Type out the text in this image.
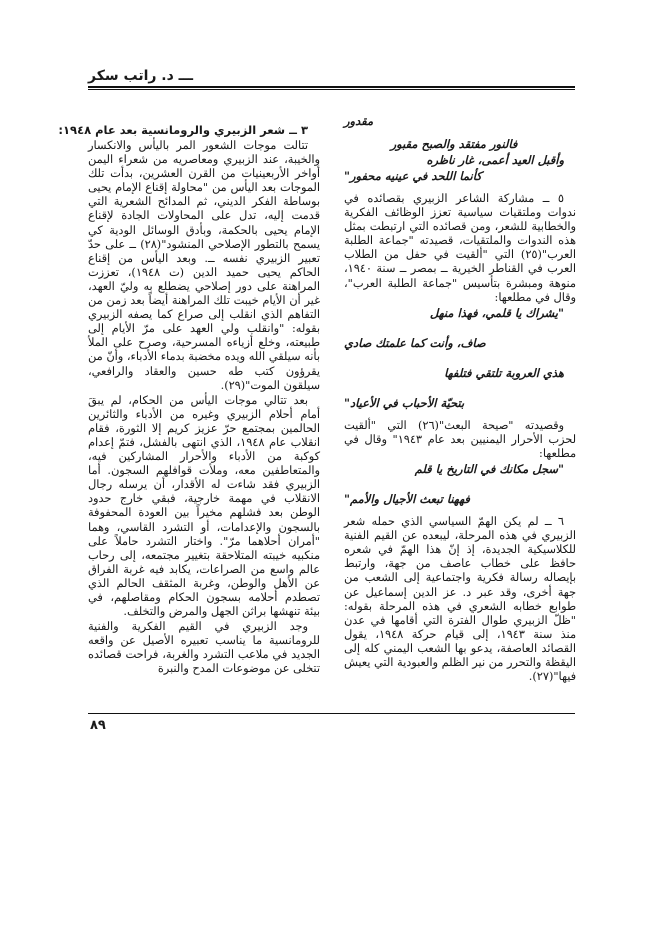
ـــ د. راتب سكر

مقدور

فالنور مفتقد والصبح مقبور

وأقبل العيد أعمى، غار ناظره

كأنما اللحد في عينيه محفور"

٥ ــ مشاركة الشاعر الزبيري بقصائده في ندوات وملتقيات سياسية تعزز الوظائف الفكرية والخطابية للشعر، ومن قصائده التي ارتبطت بمثل هذه الندوات والملتقيات، قصيدته "جماعة الطلبة العرب"(٢٥) التي "ألقيت في حفل من الطلاب العرب في القناطر الخيرية ــ بمصر ــ سنة ١٩٤٠، منوهة ومبشرة بتأسيس "جماعة الطلبة العرب"، وقال في مطلعها:

"يشراك يا قلمي، فهذا منهل

صاف، وأنت كما علمتك صادي

هذي العروبة تلتقي فتلفها

بتحيّة الأحباب في الأعياد"

وقصيدته "صيحة البعث"(٢٦) التي "ألقيت لحزب الأحرار اليمنيين بعد عام ١٩٤٣" وقال في مطلعها:

"سجل مكانك في التاريخ يا قلم

فههنا تبعث الأجيال والأمم"

٦ ــ لم يكن الهمّ السياسي الذي حمله شعر الزبيري في هذه المرحلة، ليبعده عن القيم الفنية للكلاسيكية الجديدة، إذ إنّ هذا الهمّ في شعره حافظ على خطاب عاصف من جهة، وارتبط بإيصاله رسالة فكرية واجتماعية إلى الشعب من جهة أخرى، وقد عبر د. عز الدين إسماعيل عن طوابع خطابه الشعري في هذه المرحلة بقوله: "ظلّ الزبيري طوال الفترة التي أقامها في عدن منذ سنة ١٩٤٣، إلى قيام حركة ١٩٤٨، يقول القصائد العاصفة، يدعو بها الشعب اليمني كله إلى اليقظة والتحرر من نير الظلم والعبودية التي يعيش فيها"(٢٧).

٣ ــ شعر الزبيري والرومانسية بعد عام ١٩٤٨:

تتالت موجات الشعور المر باليأس والانكسار والخيبة، عند الزبيري ومعاصريه من شعراء اليمن أواخر الأربعينيات من القرن العشرين، بدأت تلك الموجات بعد اليأس من "محاولة إقناع الإمام يحيى بوساطة الفكر الديني، ثم المدائح الشعرية التي قدمت إليه، تدل على المحاولات الجادة لإقناع الإمام يحيى بالحكمة، وبأدق الوسائل الودية كي يسمح بالتطور الإصلاحي المنشود"(٢٨) ــ على حدّ تعبير الزبيري نفسه ــ. وبعد اليأس من إقناع الحاكم يحيى حميد الدين (ت ١٩٤٨)، تعززت المراهنة على دور إصلاحي يضطلع به وليّ العهد، غير أن الأيام خيبت تلك المراهنة أيضاً بعد زمن من التفاهم الذي انقلب إلى صراع كما يصفه الزبيري بقوله: "وانقلب ولي العهد على مرّ الأيام إلى طبيعته، وخلع أزياءه المسرحية، وصرح على الملأ بأنه سيلقي الله ويده مخضبة بدماء الأدباء، وأنّ من يقرؤون كتب طه حسين والعقاد والرافعي، سيلقون الموت"(٢٩).

بعد تتالي موجات اليأس من الحكام، لم يبقَ أمام أحلام الزبيري وغيره من الأدباء والثائرين الحالمين بمجتمع حرّ عزيز كريم إلا الثورة، فقام انقلاب عام ١٩٤٨، الذي انتهى بالفشل، فتمّ إعدام كوكبة من الأدباء والأحرار المشاركين فيه، والمتعاطفين معه، وملأت قوافلهم السجون. أما الزبيري فقد شاءت له الأقدار، أن يرسله رجال الانقلاب في مهمة خارجية، فبقي خارج حدود الوطن بعد فشلهم مخيراً بين العودة المحفوفة بالسجون والإعدامات، أو التشرد القاسي، وهما "أمران أحلاهما مرّ". واختار التشرد حاملاً على منكبيه خيبته المتلاحقة بتغيير مجتمعه، إلى رحاب عالم واسع من الصراعات، يكابد فيه غربة الفراق عن الأهل والوطن، وغربة المثقف الحالم الذي تصطدم أحلامه بسجون الحكام ومقاصلهم، في بيئة تنهشها براثن الجهل والمرض والتخلف.

وجد الزبيري في القيم الفكرية والفنية للرومانسية ما يناسب تعبيره الأصيل عن واقعه الجديد في ملاعب التشرد والغربة، فراحت قصائده تتخلى عن موضوعات المدح والنبرة

٨٩
